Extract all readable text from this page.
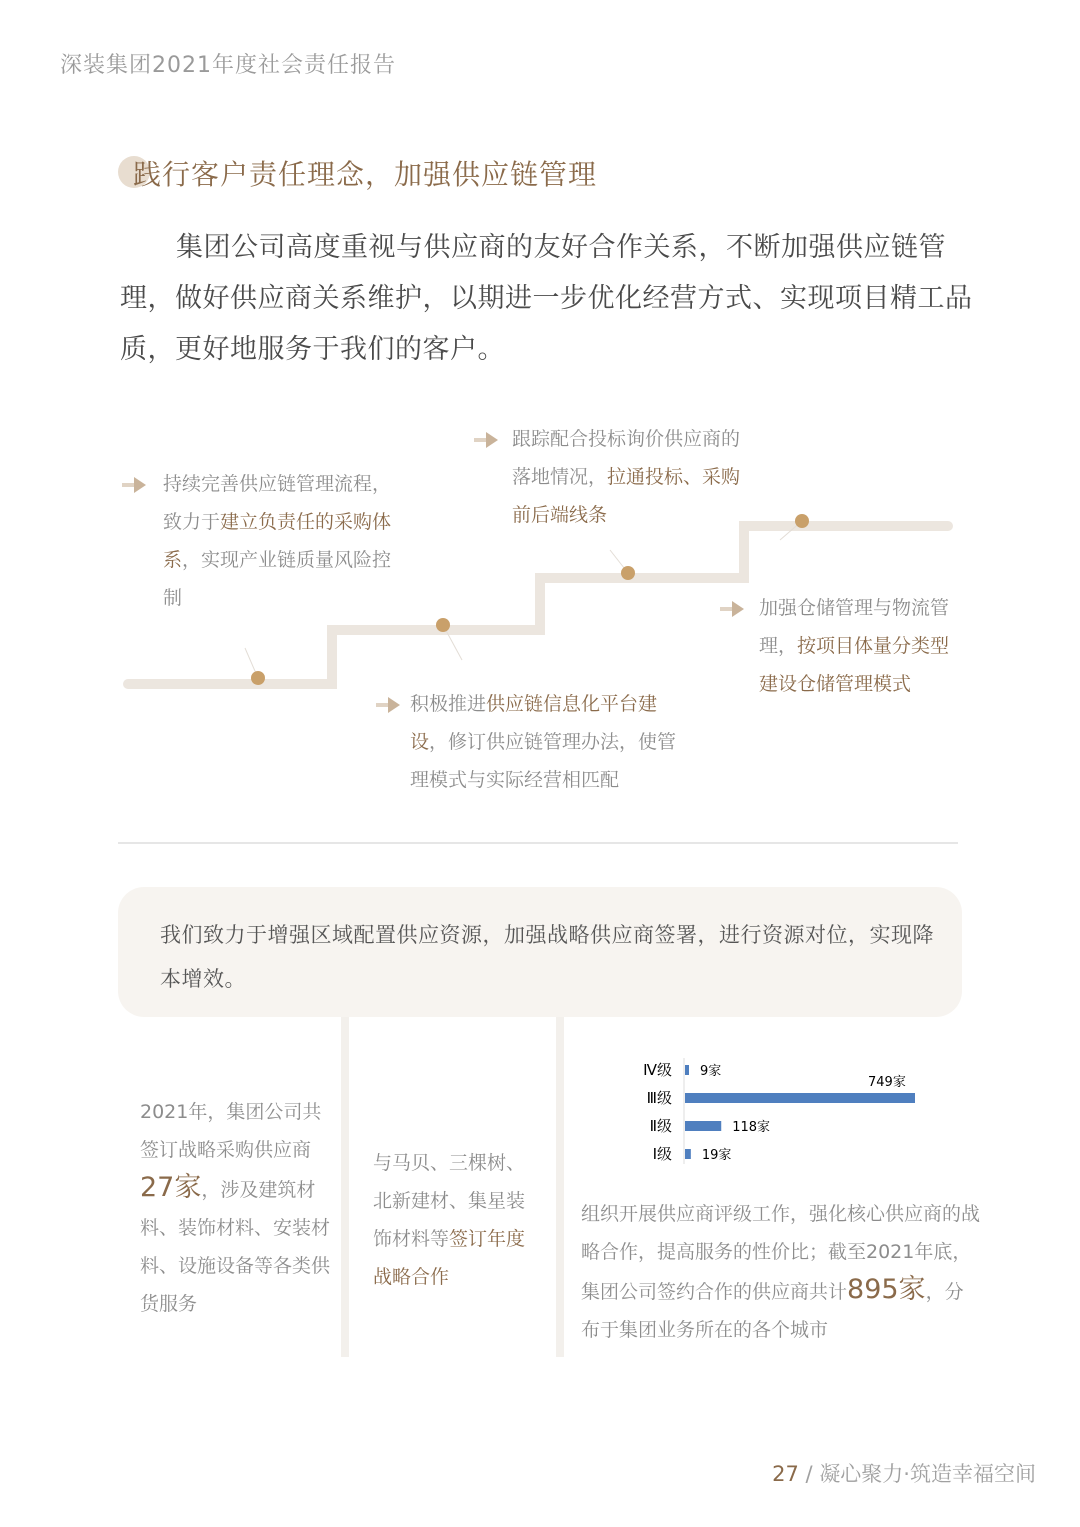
深装集团2021年度社会责任报告
践行客户责任理念，加强供应链管理
集团公司高度重视与供应商的友好合作关系，不断加强供应链管理，做好供应商关系维护，以期进一步优化经营方式、实现项目精工品质，更好地服务于我们的客户。
持续完善供应链管理流程，致力于建立负责任的采购体系，实现产业链质量风险控制
积极推进供应链信息化平台建设，修订供应链管理办法，使管理模式与实际经营相匹配
跟踪配合投标询价供应商的落地情况，拉通投标、采购前后端线条
加强仓储管理与物流管理，按项目体量分类型建设仓储管理模式
我们致力于增强区域配置供应资源，加强战略供应商签署，进行资源对位，实现降本增效。
2021年，集团公司共签订战略采购供应商27家，涉及建筑材料、装饰材料、安装材料、设施设备等各类供货服务
与马贝、三棵树、北新建材、集星装饰材料等签订年度战略合作
Ⅳ级 9家
Ⅲ级
749家
Ⅱ级	118家
Ⅰ级 19家
组织开展供应商评级工作，强化核心供应商的战略合作，提高服务的性价比；截至2021年底，集团公司签约合作的供应商共计895家，分布于集团业务所在的各个城市
27 / 凝心聚力·筑造幸福空间
